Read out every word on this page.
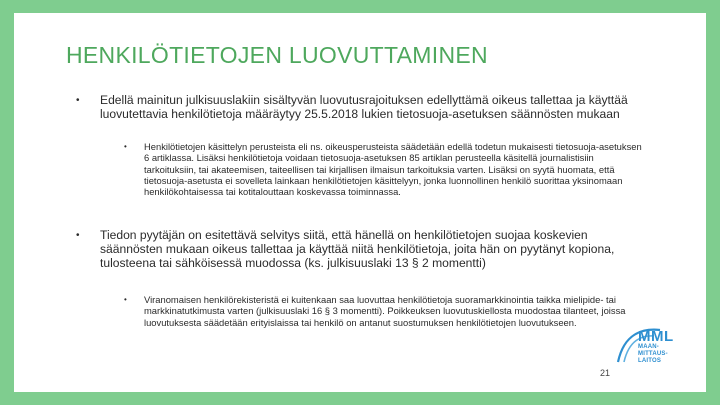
HENKILÖTIETOJEN LUOVUTTAMINEN
• Edellä mainitun julkisuuslakiin sisältyvän luovutusrajoituksen edellyttämä oikeus tallettaa ja käyttää luovutettavia henkilötietoja määräytyy 25.5.2018 lukien tietosuoja-asetuksen säännösten mukaan
• Henkilötietojen käsittelyn perusteista eli ns. oikeusperusteista säädetään edellä todetun mukaisesti tietosuoja-asetuksen 6 artiklassa. Lisäksi henkilötietoja voidaan tietosuoja-asetuksen 85 artiklan perusteella käsitellä journalistisiin tarkoituksiin, tai akateemisen, taiteellisen tai kirjallisen ilmaisun tarkoituksia varten. Lisäksi on syytä huomata, että tietosuoja-asetusta ei sovelleta lainkaan henkilötietojen käsittelyyn, jonka luonnollinen henkilö suorittaa yksinomaan henkilökohtaisessa tai kotitalouttaan koskevassa toiminnassa.
• Tiedon pyytäjän on esitettävä selvitys siitä, että hänellä on henkilötietojen suojaa koskevien säännösten mukaan oikeus tallettaa ja käyttää niitä henkilötietoja, joita hän on pyytänyt kopiona, tulosteena tai sähköisessä muodossa (ks. julkisuuslaki 13 § 2 momentti)
• Viranomaisen henkilörekisteristä ei kuitenkaan saa luovuttaa henkilötietoja suoramarkkinointia taikka mielipide- tai markkinatutkimusta varten (julkisuuslaki 16 § 3 momentti). Poikkeuksen luovutuskiellosta muodostaa tilanteet, joissa luovutuksesta säädetään erityislaissa tai henkilö on antanut suostumuksen henkilötietojen luovutukseen.
MML
MAAN-
MITTAUS-
LAITOS
21
